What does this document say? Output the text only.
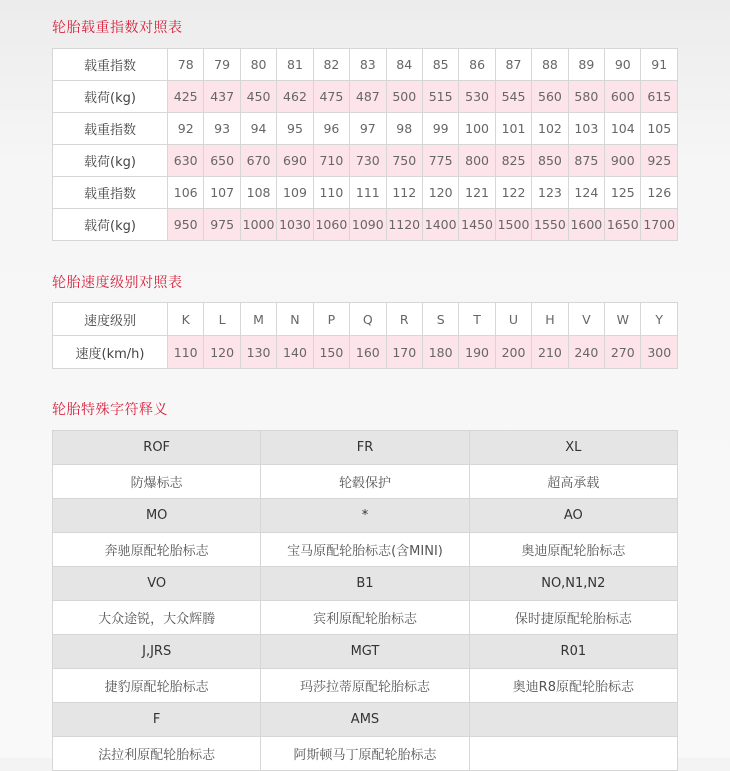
轮胎载重指数对照表
载重指数	78	79	80	81	82	83	84	85	86	87	88	89	90	91
载荷(kg)	425	437	450	462	475	487	500	515	530	545	560	580	600	615
载重指数	92	93	94	95	96	97	98	99	100	101	102	103	104	105
载荷(kg)	630	650	670	690	710	730	750	775	800	825	850	875	900	925
载重指数	106	107	108	109	110	111	112	120	121	122	123	124	125	126
载荷(kg)	950	975	1000	1030	1060	1090	1120	1400	1450	1500	1550	1600	1650	1700
轮胎速度级别对照表
速度级别	K	L	M	N	P	Q	R	S	T	U	H	V	W	Y
速度(km/h)	110	120	130	140	150	160	170	180	190	200	210	240	270	300
轮胎特殊字符释义
ROF	FR	XL
防爆标志	轮毂保护	超高承载
MO	*	AO
奔驰原配轮胎标志	宝马原配轮胎标志(含MINI)	奥迪原配轮胎标志
VO	B1	NO,N1,N2
大众途锐，大众辉腾	宾利原配轮胎标志	保时捷原配轮胎标志
J,JRS	MGT	R01
捷豹原配轮胎标志	玛莎拉蒂原配轮胎标志	奥迪R8原配轮胎标志
F	AMS	
法拉利原配轮胎标志	阿斯顿马丁原配轮胎标志	
